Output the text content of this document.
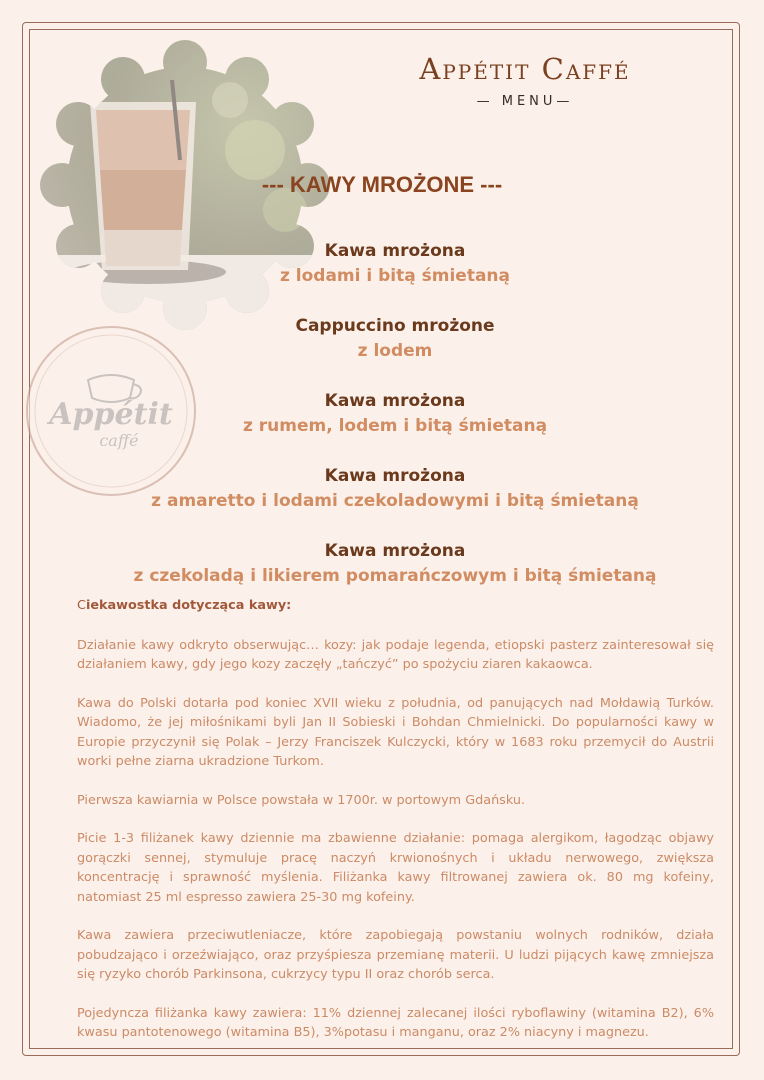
Appétit
caffé
Appétit Caffé
— MENU—
--- KAWY MROŻONE ---
Kawa mrożona
z lodami i bitą śmietaną
Cappuccino mrożone
z lodem
Kawa mrożona
z rumem, lodem i bitą śmietaną
Kawa mrożona
z amaretto i lodami czekoladowymi i bitą śmietaną
Kawa mrożona
z czekoladą i likierem pomarańczowym i bitą śmietaną
Ciekawostka dotycząca kawy:

Działanie kawy odkryto obserwując… kozy: jak podaje legenda, etiopski pasterz zainteresował się działaniem kawy, gdy jego kozy zaczęły „tańczyć” po spożyciu ziaren kakaowca.

Kawa do Polski dotarła pod koniec XVII wieku z południa, od panujących nad Mołdawią Turków. Wiadomo, że jej miłośnikami byli Jan II Sobieski i Bohdan Chmielnicki. Do popularności kawy w Europie przyczynił się Polak – Jerzy Franciszek Kulczycki, który w 1683 roku przemycił do Austrii worki pełne ziarna ukradzione Turkom.

Pierwsza kawiarnia w Polsce powstała w 1700r. w portowym Gdańsku.

Picie 1-3 filiżanek kawy dziennie ma zbawienne działanie: pomaga alergikom, łagodząc objawy gorączki sennej, stymuluje pracę naczyń krwionośnych i układu nerwowego, zwiększa koncentrację i sprawność myślenia. Filiżanka kawy filtrowanej zawiera ok. 80 mg kofeiny, natomiast 25 ml espresso zawiera 25-30 mg kofeiny.

Kawa zawiera przeciwutleniacze, które zapobiegają powstaniu wolnych rodników, działa pobudzająco i orzeźwiająco, oraz przyśpiesza przemianę materii. U ludzi pijących kawę zmniejsza się ryzyko chorób Parkinsona, cukrzycy typu II oraz chorób serca.

Pojedyncza filiżanka kawy zawiera: 11% dziennej zalecanej ilości ryboflawiny (witamina B2), 6% kwasu pantotenowego (witamina B5), 3%potasu i manganu, oraz 2% niacyny i magnezu.
